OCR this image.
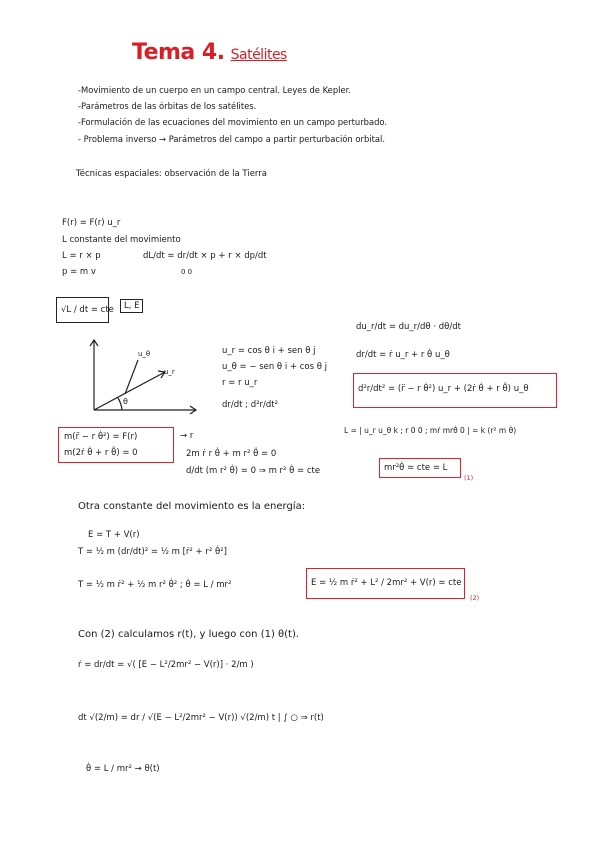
Tema 4. Satélites
-Movimiento de un cuerpo en un campo central. Leyes de Kepler.
-Parámetros de las órbitas de los satélites.
-Formulación de las ecuaciones del movimiento en un campo perturbado.
- Problema inverso → Parámetros del campo a partir perturbación orbital.
Técnicas espaciales: observación de la Tierra
F(r) = F(r) u_r
L constante del movimiento
L = r × p
p = m v
dL/dt = dr/dt × p + r × dp/dt
0 0
√L / dt = cte L, E
u_θ
u_r
θ
u_r = cos θ i + sen θ j
u_θ = − sen θ i + cos θ j
r = r u_r
dr/dt ; d²r/dt²
du_r/dt = du_r/dθ · dθ/dt
dr/dt = ṙ u_r + r θ̇ u_θ
d²r/dt² = (r̈ − r θ̇²) u_r + (2ṙ θ̇ + r θ̈) u_θ
m(r̈ − r θ̇²) = F(r)
m(2ṙ θ̇ + r θ̈) = 0
→ r
2m ṙ r θ̇ + m r² θ̈ = 0
d/dt (m r² θ̇) = 0 ⇒ m r² θ̇ = cte
L = | u_r u_θ k ; r 0 0 ; mṙ mrθ̇ 0 | = k (r² m θ̇)
mr²θ̇ = cte = L
(1)
Otra constante del movimiento es la energía:
E = T + V(r)
T = ½ m (dr/dt)² = ½ m [ṙ² + r² θ̇²]
T = ½ m ṙ² + ½ m r² θ̇² ; θ̇ = L / mr²	E = ½ m ṙ² + L² / 2mr² + V(r) = cte
(2)
Con (2) calculamos r(t), y luego con (1) θ(t).
ṙ = dr/dt = √( [E − L²/2mr² − V(r)] · 2/m )
dt √(2/m) = dr / √(E − L²/2mr² − V(r)) √(2/m) t | ∫ ○ ⇒ r(t)
θ̇ = L / mr² → θ(t)
